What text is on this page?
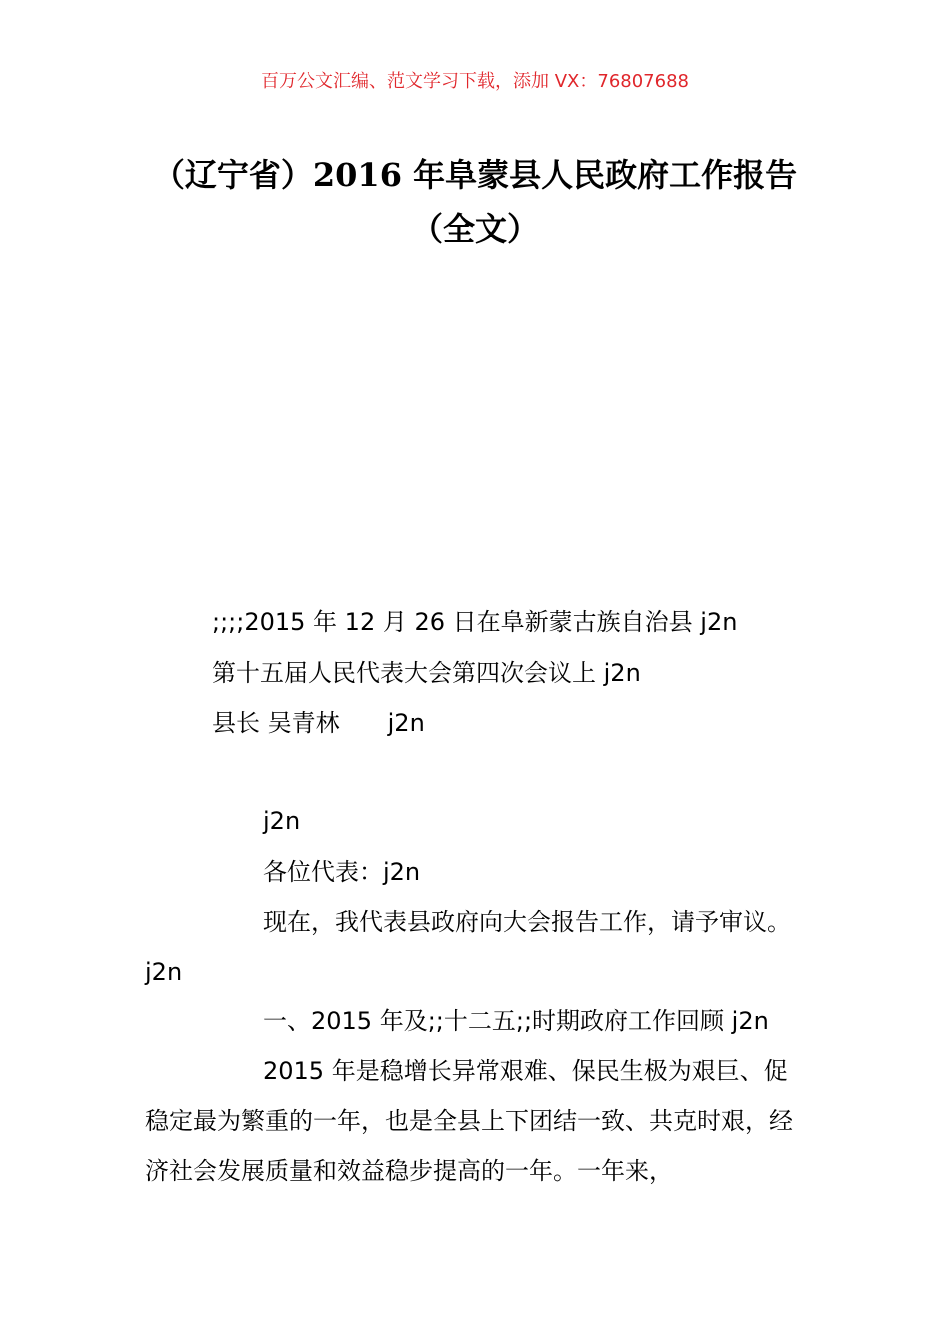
百万公文汇编、范文学习下载，添加 VX：76807688
（辽宁省）2016 年阜蒙县人民政府工作报告（全文）
;;;;2015 年 12 月 26 日在阜新蒙古族自治县 j2n
第十五届人民代表大会第四次会议上 j2n
县长 吴青林　　j2n
j2n
各位代表：j2n
现在，我代表县政府向大会报告工作，请予审议。j2n
一、2015 年及;;十二五;;时期政府工作回顾 j2n
2015 年是稳增长异常艰难、保民生极为艰巨、促稳定最为繁重的一年，也是全县上下团结一致、共克时艰，经济社会发展质量和效益稳步提高的一年。一年来，
